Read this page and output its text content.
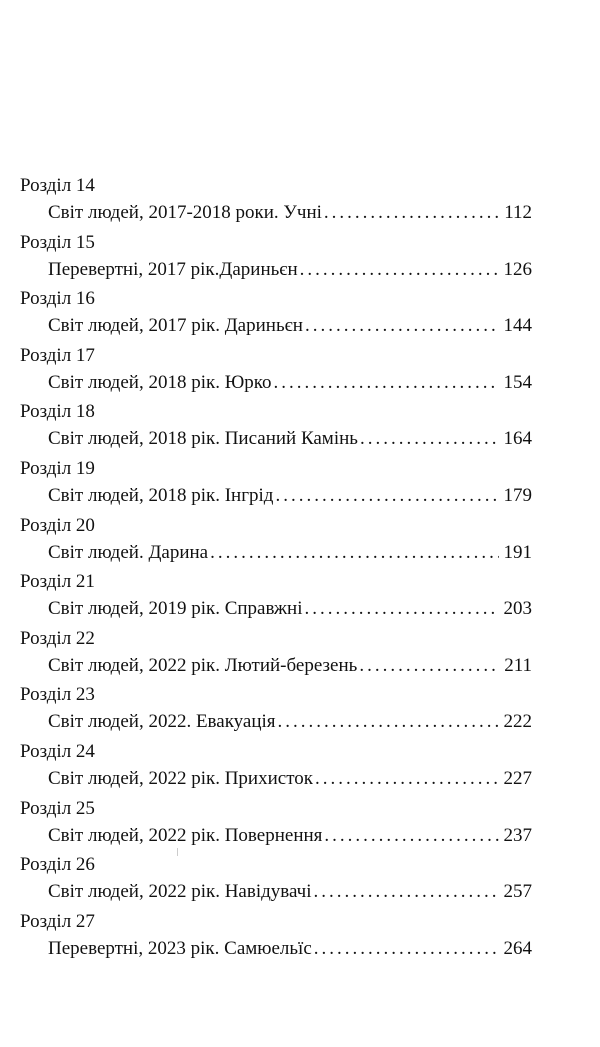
Розділ 14
Світ людей, 2017-2018 роки. Учні .....	112
Розділ 15
Перевертні, 2017 рік.Дариньєн .....	126
Розділ 16
Світ людей, 2017 рік. Дариньєн .....	144
Розділ 17
Світ людей, 2018 рік. Юрко .....	154
Розділ 18
Світ людей, 2018 рік. Писаний Камінь .....	164
Розділ 19
Світ людей, 2018 рік. Інгрід .....	179
Розділ 20
Світ людей. Дарина .....	191
Розділ 21
Світ людей, 2019 рік. Справжні .....	203
Розділ 22
Світ людей, 2022 рік. Лютий-березень .....	211
Розділ 23
Світ людей, 2022. Евакуація .....	222
Розділ 24
Світ людей, 2022 рік. Прихисток .....	227
Розділ 25
Світ людей, 2022 рік. Повернення .....	237
Розділ 26
Світ людей, 2022 рік. Навідувачі .....	257
Розділ 27
Перевертні, 2023 рік. Самюельїс .....	264
